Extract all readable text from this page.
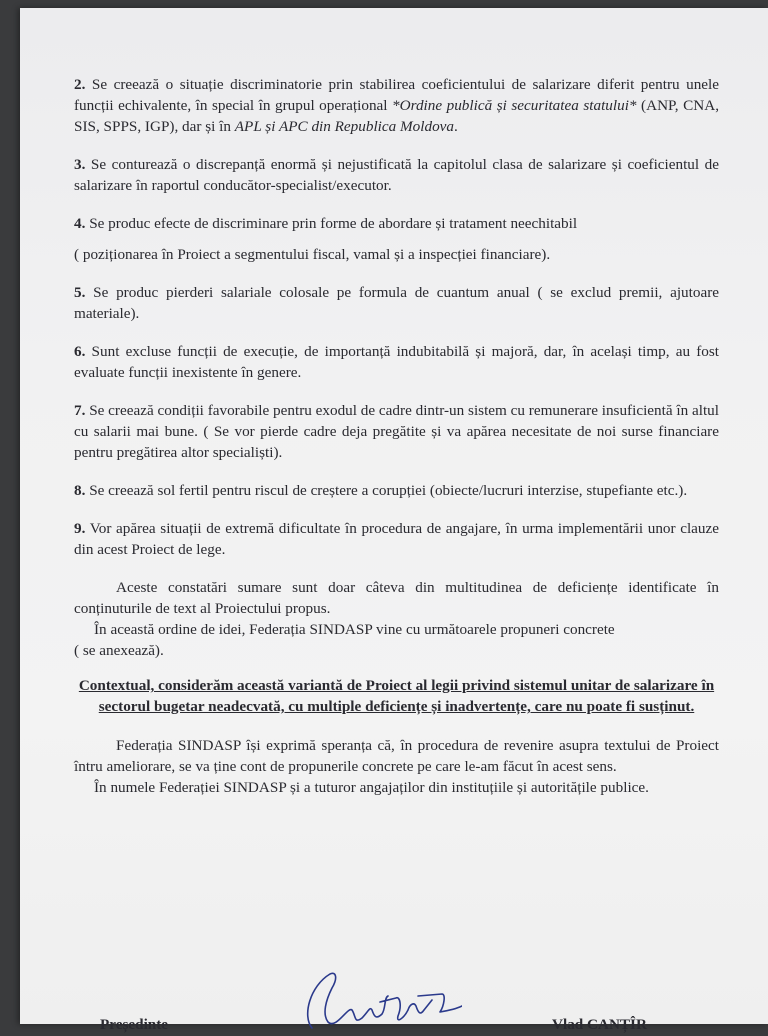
2. Se creează o situație discriminatorie prin stabilirea coeficientului de salarizare diferit pentru unele funcții echivalente, în special în grupul operațional *Ordine publică și securitatea statului* (ANP, CNA, SIS, SPPS, IGP), dar și în APL și APC din Republica Moldova.

3. Se conturează o discrepanță enormă și nejustificată la capitolul clasa de salarizare și coeficientul de salarizare în raportul conducător-specialist/executor.

4. Se produc efecte de discriminare prin forme de abordare și tratament neechitabil
( poziționarea în Proiect a segmentului fiscal, vamal și a inspecției financiare).

5. Se produc pierderi salariale colosale pe formula de cuantum anual ( se exclud premii, ajutoare materiale).

6. Sunt excluse funcții de execuție, de importanță indubitabilă și majoră, dar, în același timp, au fost evaluate funcții inexistente în genere.

7. Se creează condiții favorabile pentru exodul de cadre dintr-un sistem cu remunerare insuficientă în altul cu salarii mai bune. ( Se vor pierde cadre deja pregătite și va apărea necesitate de noi surse financiare pentru pregătirea altor specialiști).

8. Se creează sol fertil pentru riscul de creștere a corupției (obiecte/lucruri interzise, stupefiante etc.).

9. Vor apărea situații de extremă dificultate în procedura de angajare, în urma implementării unor clauze din acest Proiect de lege.

Aceste constatări sumare sunt doar câteva din multitudinea de deficiențe identificate în conținuturile de text al Proiectului propus.

În această ordine de idei, Federația SINDASP vine cu următoarele propuneri concrete
( se anexează).

Contextual, considerăm această variantă de Proiect al legii privind sistemul unitar de salarizare în sectorul bugetar neadecvată, cu multiple deficiențe și inadvertențe, care nu poate fi susținut.

Federația SINDASP își exprimă speranța că, în procedura de revenire asupra textului de Proiect întru ameliorare, se va ține cont de propunerile concrete pe care le-am făcut în acest sens.

În numele Federației SINDASP și a tuturor angajaților din instituțiile și autoritățile publice.

Președinte	Vlad CANȚÎR
